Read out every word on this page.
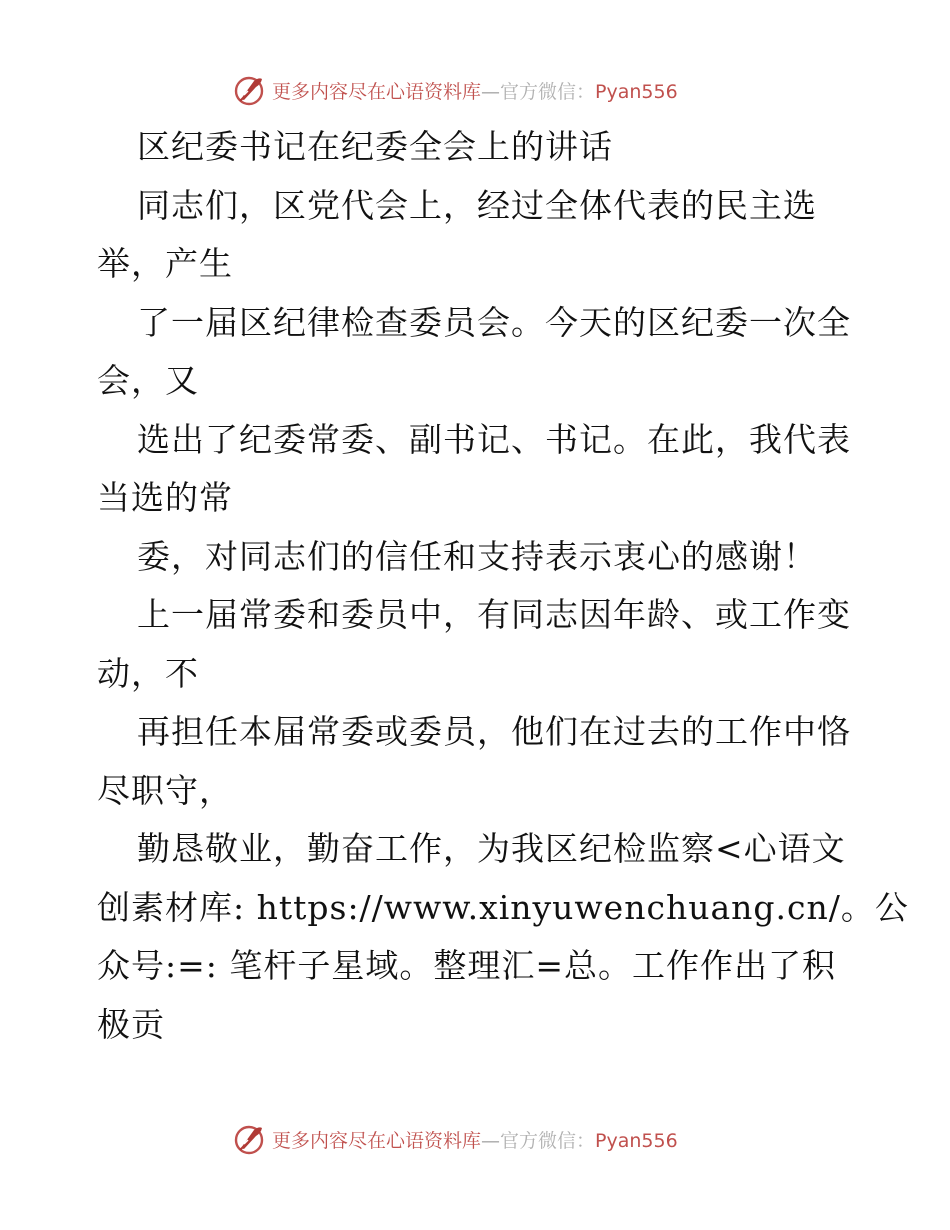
更多内容尽在心语资料库—官方微信：Pyan556
区纪委书记在纪委全会上的讲话
同志们，区党代会上，经过全体代表的民主选
举，产生
了一届区纪律检查委员会。今天的区纪委一次全
会，又
选出了纪委常委、副书记、书记。在此，我代表
当选的常
委，对同志们的信任和支持表示衷心的感谢！
上一届常委和委员中，有同志因年龄、或工作变
动，不
再担任本届常委或委员，他们在过去的工作中恪
尽职守，
勤恳敬业，勤奋工作，为我区纪检监察<心语文
创素材库: https://www.xinyuwenchuang.cn/。公
众号:=: 笔杆子星域。整理汇=总。工作作出了积
极贡
更多内容尽在心语资料库—官方微信：Pyan556
